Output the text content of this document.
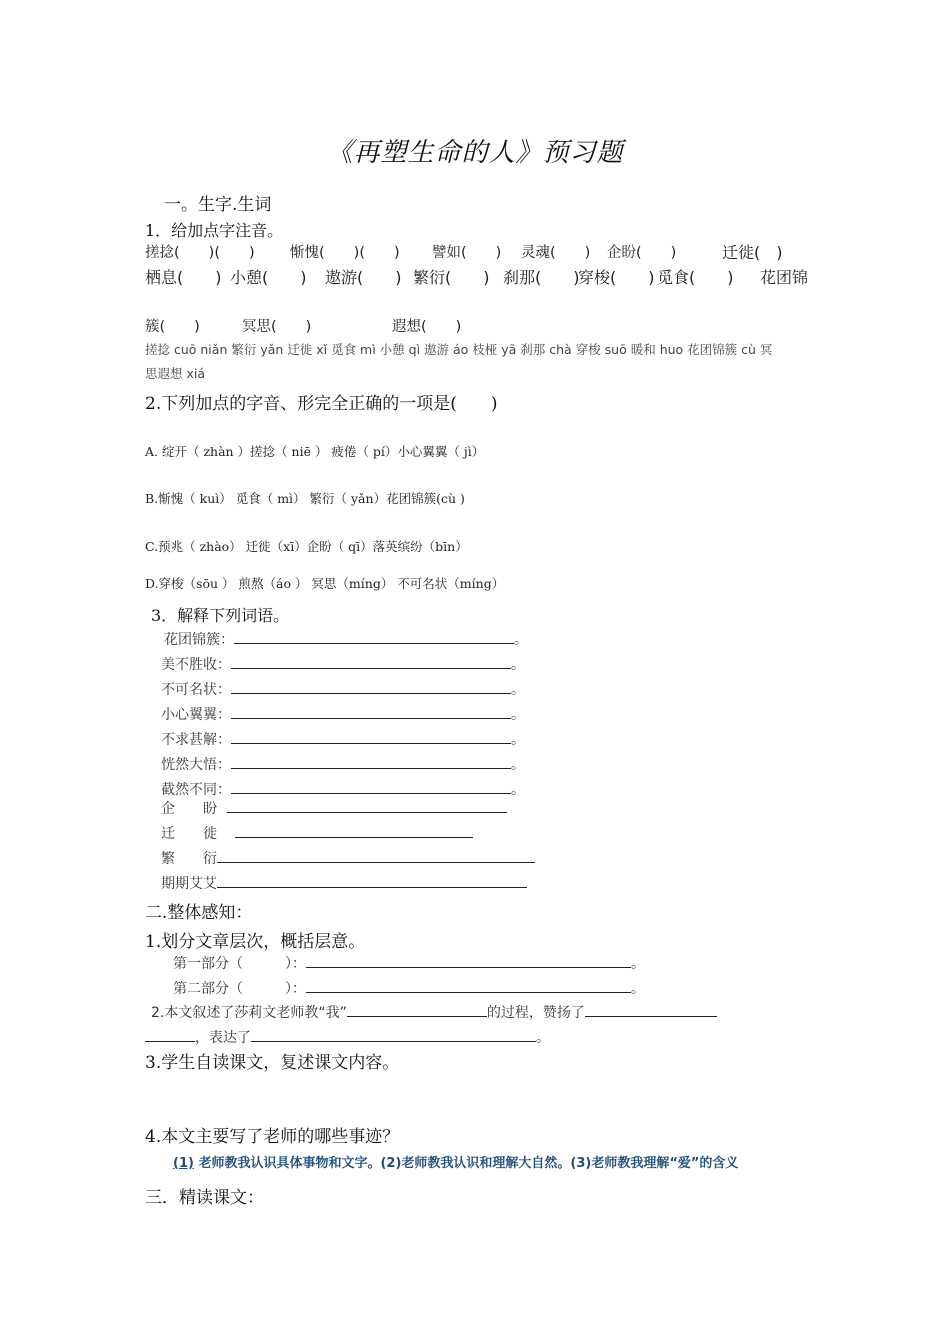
《再塑生命的人》预习题
一。生字.生词
1．给加点字注音。
搓捻(　　)(　　) 惭愧(　　)(　　) 譬如(　　) 灵魂(　　) 企盼(　　)	迁徙(　)
栖息(　　) 小憩(　　) 遨游(　　) 繁衍(　　) 刹那(　　)
穿梭(　　) 觅食(　　) 花团锦
簇(　　)	冥思(　　)	遐想(　　)
搓捻 cuō niǎn 繁衍 yǎn 迁徙 xǐ 觅食 mì 小憩 qì 遨游 áo 枝桠 yā 刹那 chà 穿梭 suō 暖和 huo 花团锦簇 cù 冥
思遐想 xiá
2.下列加点的字音、形完全正确的一项是(　　)
A. 绽开（ zhàn ）搓捻（ niē ） 疲倦（ pí）小心翼翼（ jì）
B.惭愧（ kuì） 觅食（ mì） 繁衍（ yǎn）花团锦簇(cù )
C.预兆（ zhào） 迁徙（xī）企盼（ qī）落英缤纷（bīn）
D.穿梭（sōu ） 煎熬（áo ） 冥思（míng） 不可名状（míng）
3．解释下列词语。
花团锦簇：	。
美不胜收：	。
不可名状：	。
小心翼翼：	。
不求甚解：	。
恍然大悟：	。
截然不同：	。
企　　盼
迁　　徙
繁　　衍
期期艾艾
二.整体感知：
1.划分文章层次，概括层意。
第一部分（　　　）：	。
第二部分（　　　）：	。
2.本文叙述了莎莉文老师教“我”	的过程，赞扬了
，表达了	。
3.学生自读课文，复述课文内容。
4.本文主要写了老师的哪些事迹？
(1) 老师教我认识具体事物和文字。(2)老师教我认识和理解大自然。(3)老师教我理解“爱”的含义
三．精读课文：
